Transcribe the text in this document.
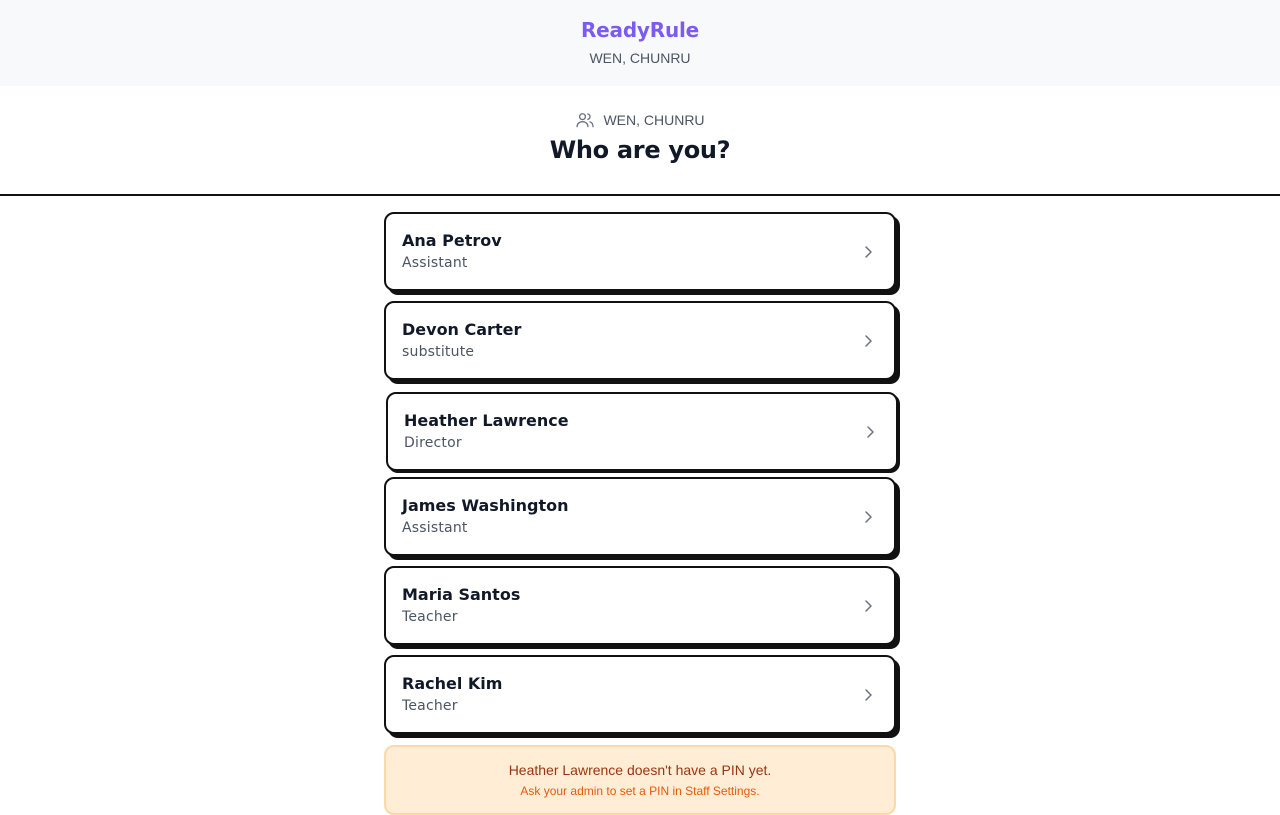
ReadyRule
WEN, CHUNRU
WEN, CHUNRU
Who are you?
Ana Petrov
Assistant
Devon Carter
substitute
Heather Lawrence
Director
James Washington
Assistant
Maria Santos
Teacher
Rachel Kim
Teacher
Heather Lawrence doesn't have a PIN yet.
Ask your admin to set a PIN in Staff Settings.
